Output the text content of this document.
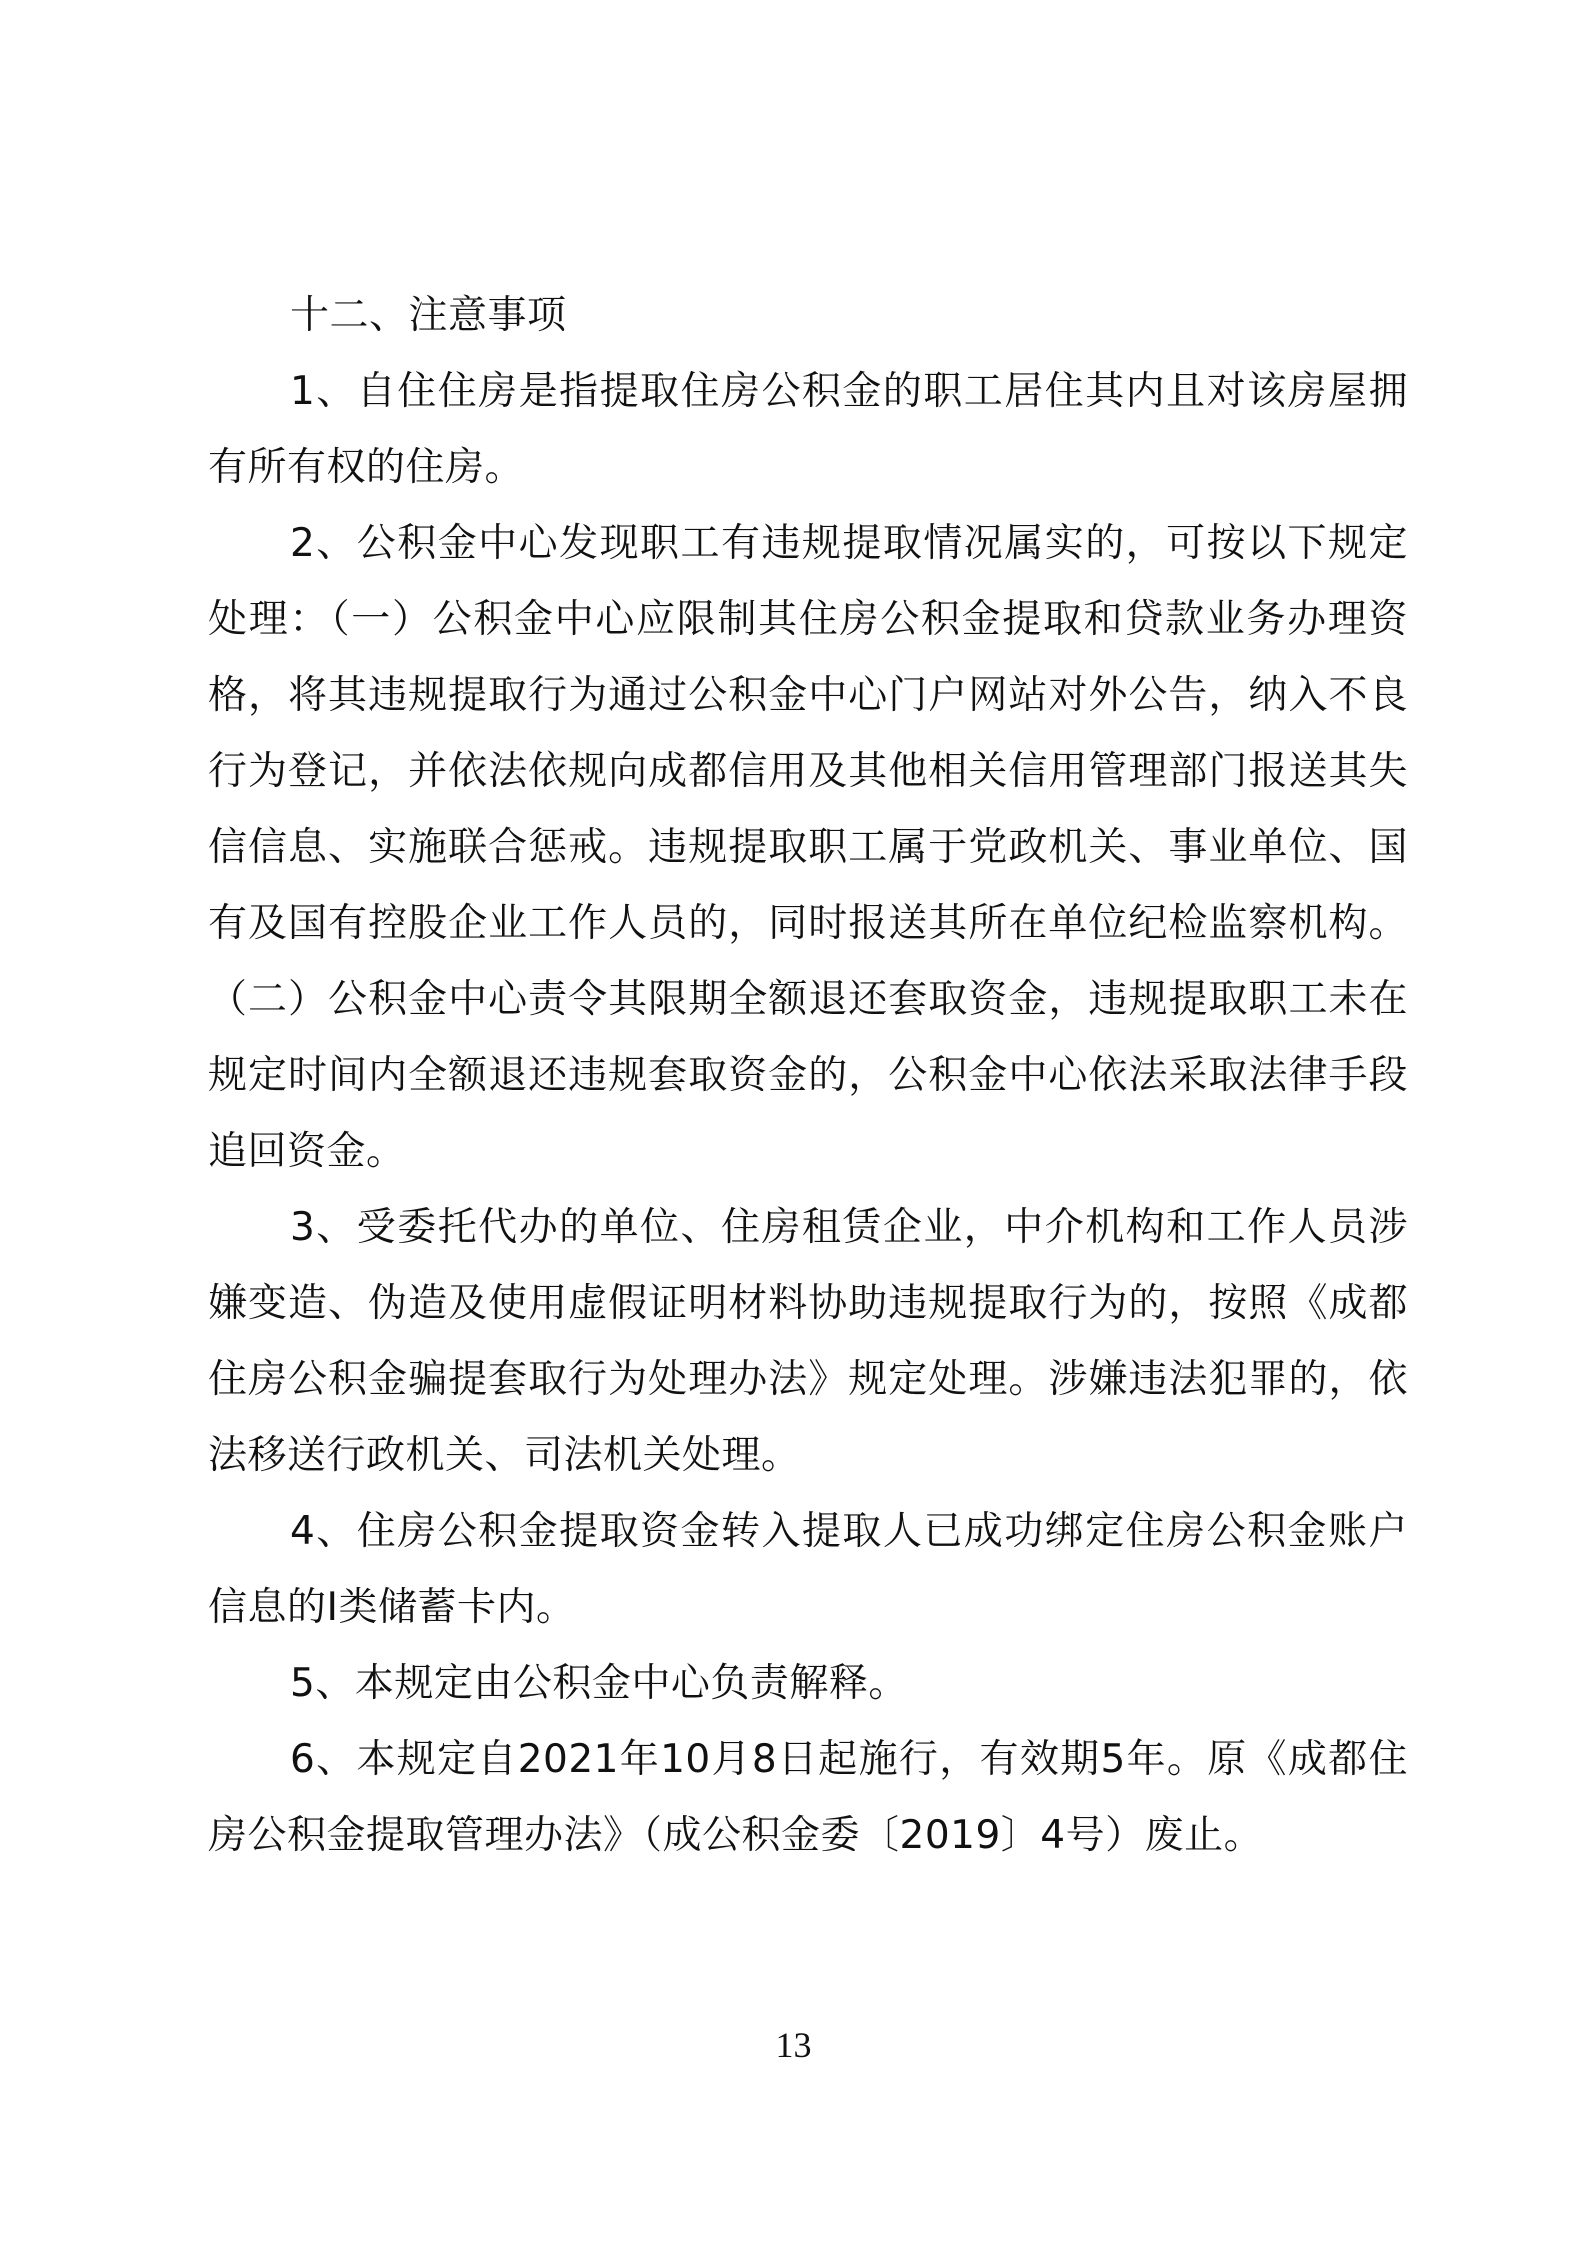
十二、注意事项

1、自住住房是指提取住房公积金的职工居住其内且对该房屋拥有所有权的住房。

2、公积金中心发现职工有违规提取情况属实的，可按以下规定处理：（一）公积金中心应限制其住房公积金提取和贷款业务办理资格，将其违规提取行为通过公积金中心门户网站对外公告，纳入不良行为登记，并依法依规向成都信用及其他相关信用管理部门报送其失信信息、实施联合惩戒。违规提取职工属于党政机关、事业单位、国有及国有控股企业工作人员的，同时报送其所在单位纪检监察机构。（二）公积金中心责令其限期全额退还套取资金，违规提取职工未在规定时间内全额退还违规套取资金的，公积金中心依法采取法律手段追回资金。

3、受委托代办的单位、住房租赁企业，中介机构和工作人员涉嫌变造、伪造及使用虚假证明材料协助违规提取行为的，按照《成都住房公积金骗提套取行为处理办法》规定处理。涉嫌违法犯罪的，依法移送行政机关、司法机关处理。

4、住房公积金提取资金转入提取人已成功绑定住房公积金账户信息的I类储蓄卡内。

5、本规定由公积金中心负责解释。

6、本规定自2021年10月8日起施行，有效期5年。原《成都住房公积金提取管理办法》（成公积金委〔2019〕4号）废止。

13
